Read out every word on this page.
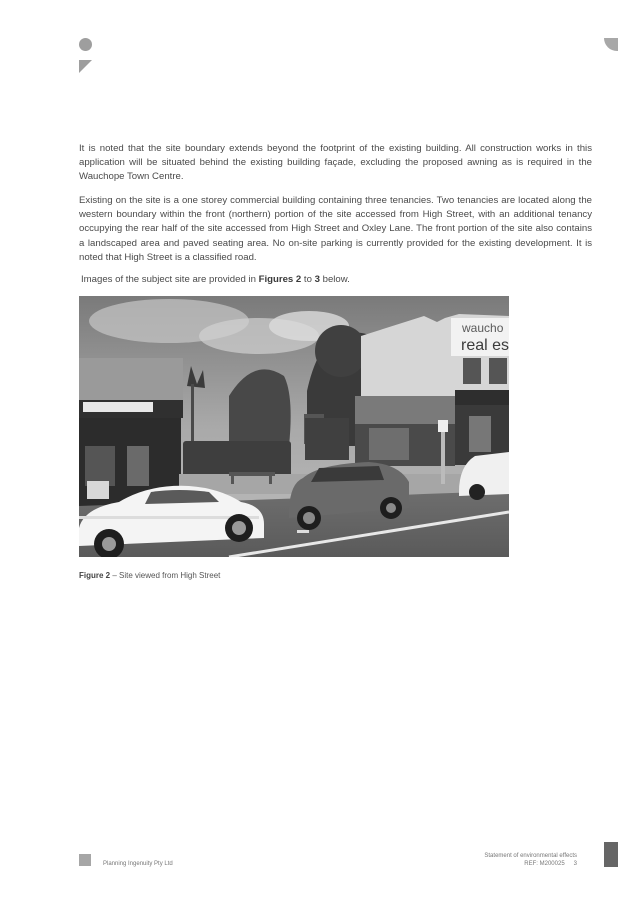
It is noted that the site boundary extends beyond the footprint of the existing building. All construction works in this application will be situated behind the existing building façade, excluding the proposed awning as is required in the Wauchope Town Centre.

Existing on the site is a one storey commercial building containing three tenancies. Two tenancies are located along the western boundary within the front (northern) portion of the site accessed from High Street, with an additional tenancy occupying the rear half of the site accessed from High Street and Oxley Lane. The front portion of the site also contains a landscaped area and paved seating area. No on-site parking is currently provided for the existing development. It is noted that High Street is a classified road.

Images of the subject site are provided in Figures 2 to 3 below.

waucho
real es
Figure 2 – Site viewed from High Street
Planning Ingenuity Pty Ltd
Statement of environmental effects
REF: M200025 3
